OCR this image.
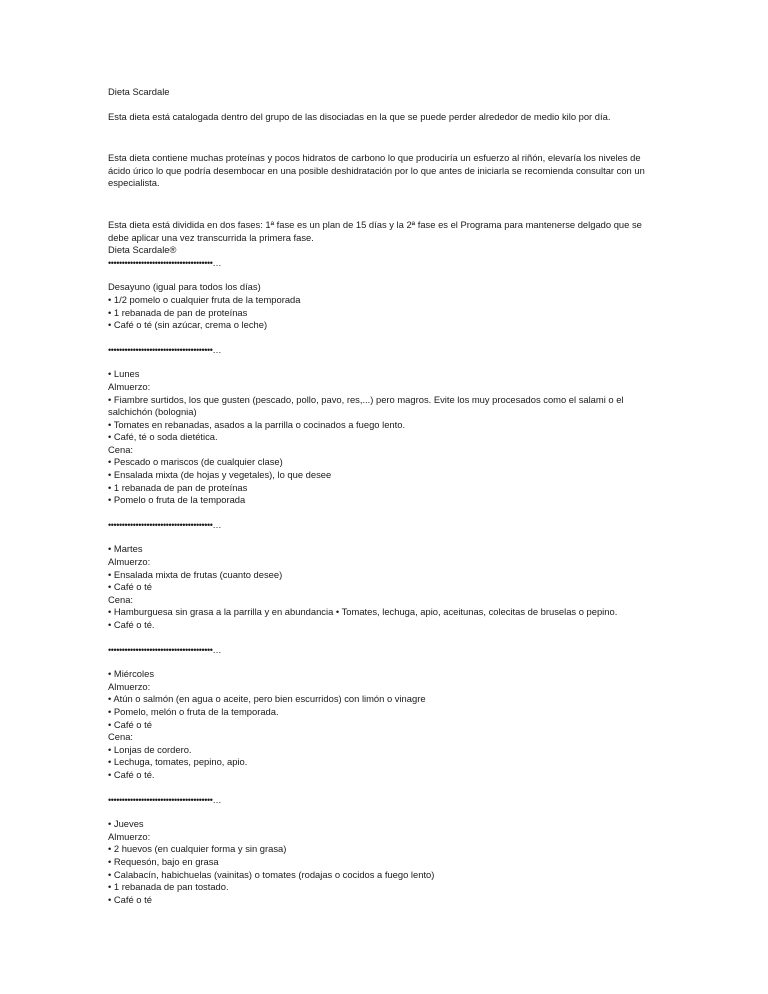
Dieta Scardale
Esta dieta está catalogada dentro del grupo de las disociadas en la que se puede perder alrededor de medio kilo por día.
Esta dieta contiene muchas proteínas y pocos hidratos de carbono lo que produciría un esfuerzo al riñón, elevaría los niveles de ácido úrico lo que podría desembocar en una posible deshidratación por lo que antes de iniciarla se recomienda consultar con un especialista.
Esta dieta está dividida en dos fases: 1ª fase es un plan de 15 días y la 2ª fase es el Programa para mantenerse delgado que se debe aplicar una vez transcurrida la primera fase.
Dieta Scardale®
••••••••••••••••••••••••••••••••••••••…
Desayuno (igual para todos los días)
• 1/2 pomelo o cualquier fruta de la temporada
• 1 rebanada de pan de proteínas
• Café o té (sin azúcar, crema o leche)
••••••••••••••••••••••••••••••••••••••…
• Lunes
Almuerzo:
• Fiambre surtidos, los que gusten (pescado, pollo, pavo, res,...) pero magros. Evite los muy procesados como el salami o el salchichón (bolognia)
• Tomates en rebanadas, asados a la parrilla o cocinados a fuego lento.
• Café, té o soda dietética.
Cena:
• Pescado o mariscos (de cualquier clase)
• Ensalada mixta (de hojas y vegetales), lo que desee
• 1 rebanada de pan de proteínas
• Pomelo o fruta de la temporada
••••••••••••••••••••••••••••••••••••••…
• Martes
Almuerzo:
• Ensalada mixta de frutas (cuanto desee)
• Café o té
Cena:
• Hamburguesa sin grasa a la parrilla y en abundancia • Tomates, lechuga, apio, aceitunas, colecitas de bruselas o pepino.
• Café o té.
••••••••••••••••••••••••••••••••••••••…
• Miércoles
Almuerzo:
• Atún o salmón (en agua o aceite, pero bien escurridos) con limón o vinagre
• Pomelo, melón o fruta de la temporada.
• Café o té
Cena:
• Lonjas de cordero.
• Lechuga, tomates, pepino, apio.
• Café o té.
••••••••••••••••••••••••••••••••••••••…
• Jueves
Almuerzo:
• 2 huevos (en cualquier forma y sin grasa)
• Requesón, bajo en grasa
• Calabacín, habichuelas (vainitas) o tomates (rodajas o cocidos a fuego lento)
• 1 rebanada de pan tostado.
• Café o té
